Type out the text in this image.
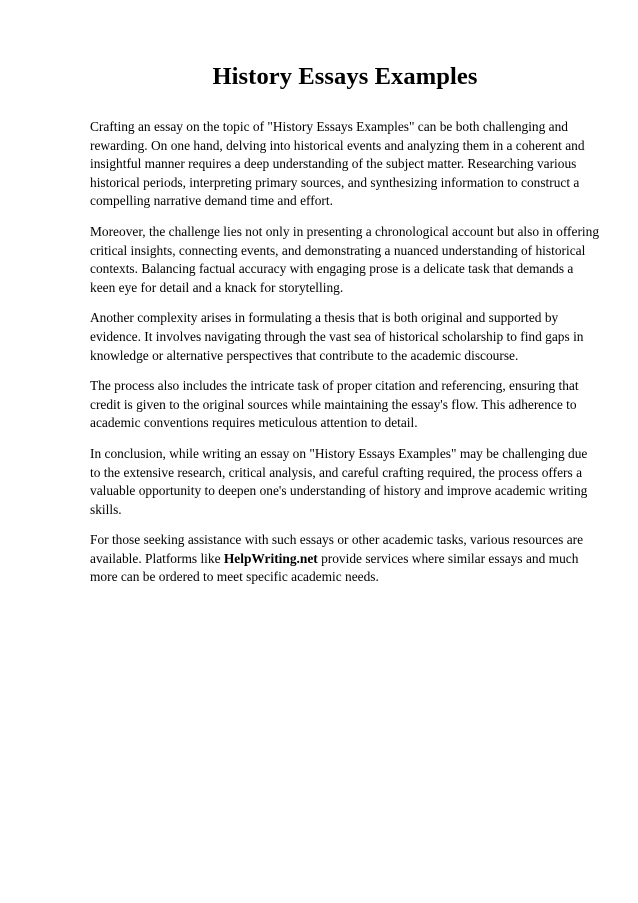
History Essays Examples

Crafting an essay on the topic of "History Essays Examples" can be both challenging and rewarding. On one hand, delving into historical events and analyzing them in a coherent and insightful manner requires a deep understanding of the subject matter. Researching various historical periods, interpreting primary sources, and synthesizing information to construct a compelling narrative demand time and effort.

Moreover, the challenge lies not only in presenting a chronological account but also in offering critical insights, connecting events, and demonstrating a nuanced understanding of historical contexts. Balancing factual accuracy with engaging prose is a delicate task that demands a keen eye for detail and a knack for storytelling.

Another complexity arises in formulating a thesis that is both original and supported by evidence. It involves navigating through the vast sea of historical scholarship to find gaps in knowledge or alternative perspectives that contribute to the academic discourse.

The process also includes the intricate task of proper citation and referencing, ensuring that credit is given to the original sources while maintaining the essay's flow. This adherence to academic conventions requires meticulous attention to detail.

In conclusion, while writing an essay on "History Essays Examples" may be challenging due to the extensive research, critical analysis, and careful crafting required, the process offers a valuable opportunity to deepen one's understanding of history and improve academic writing skills.

For those seeking assistance with such essays or other academic tasks, various resources are available. Platforms like HelpWriting.net provide services where similar essays and much more can be ordered to meet specific academic needs.
